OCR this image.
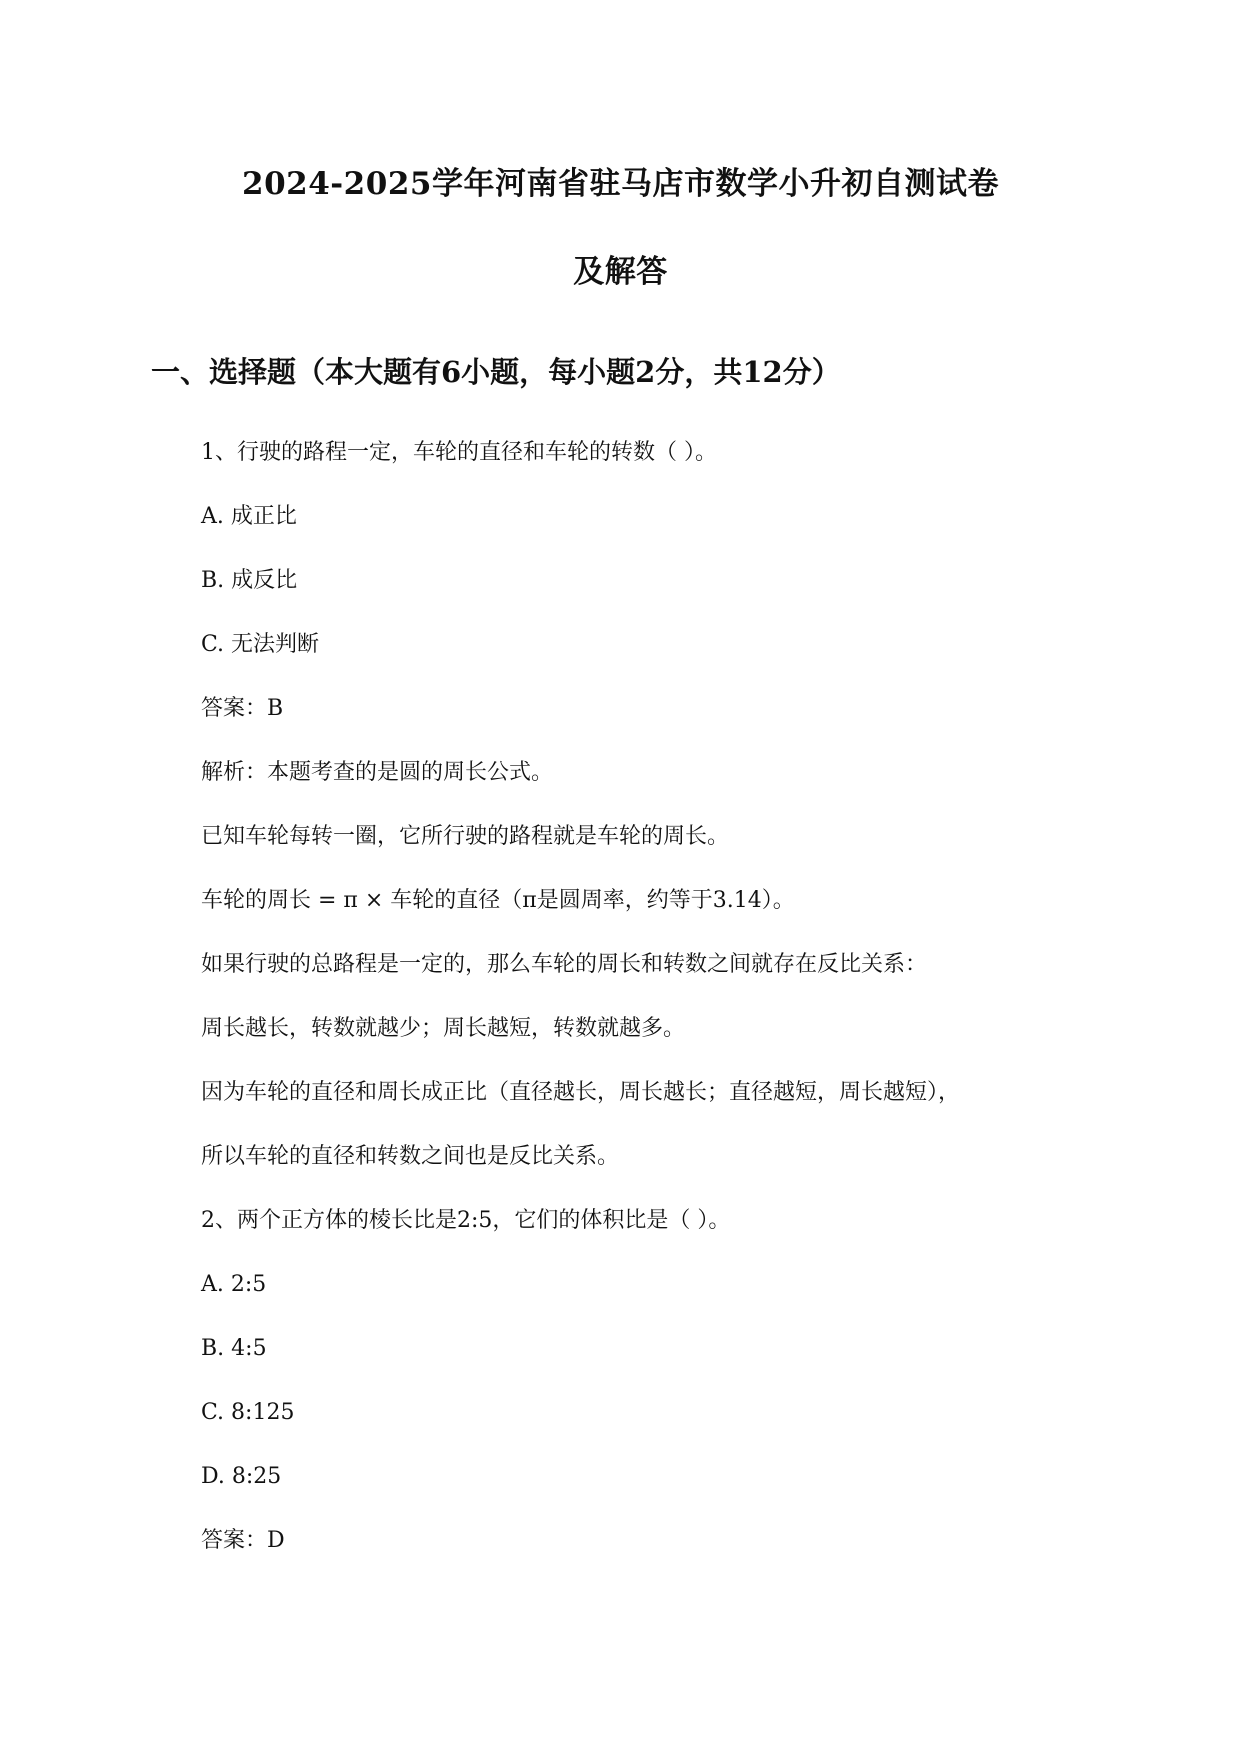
2024-2025学年河南省驻马店市数学小升初自测试卷
及解答
一、选择题（本大题有6小题，每小题2分，共12分）
1、行驶的路程一定，车轮的直径和车轮的转数（ ）。
A. 成正比
B. 成反比
C. 无法判断
答案：B
解析：本题考查的是圆的周长公式。
已知车轮每转一圈，它所行驶的路程就是车轮的周长。
车轮的周长 = π × 车轮的直径（π是圆周率，约等于3.14）。
如果行驶的总路程是一定的，那么车轮的周长和转数之间就存在反比关系：
周长越长，转数就越少；周长越短，转数就越多。
因为车轮的直径和周长成正比（直径越长，周长越长；直径越短，周长越短），
所以车轮的直径和转数之间也是反比关系。
2、两个正方体的棱长比是2:5，它们的体积比是（ ）。
A. 2:5
B. 4:5
C. 8:125
D. 8:25
答案：D
